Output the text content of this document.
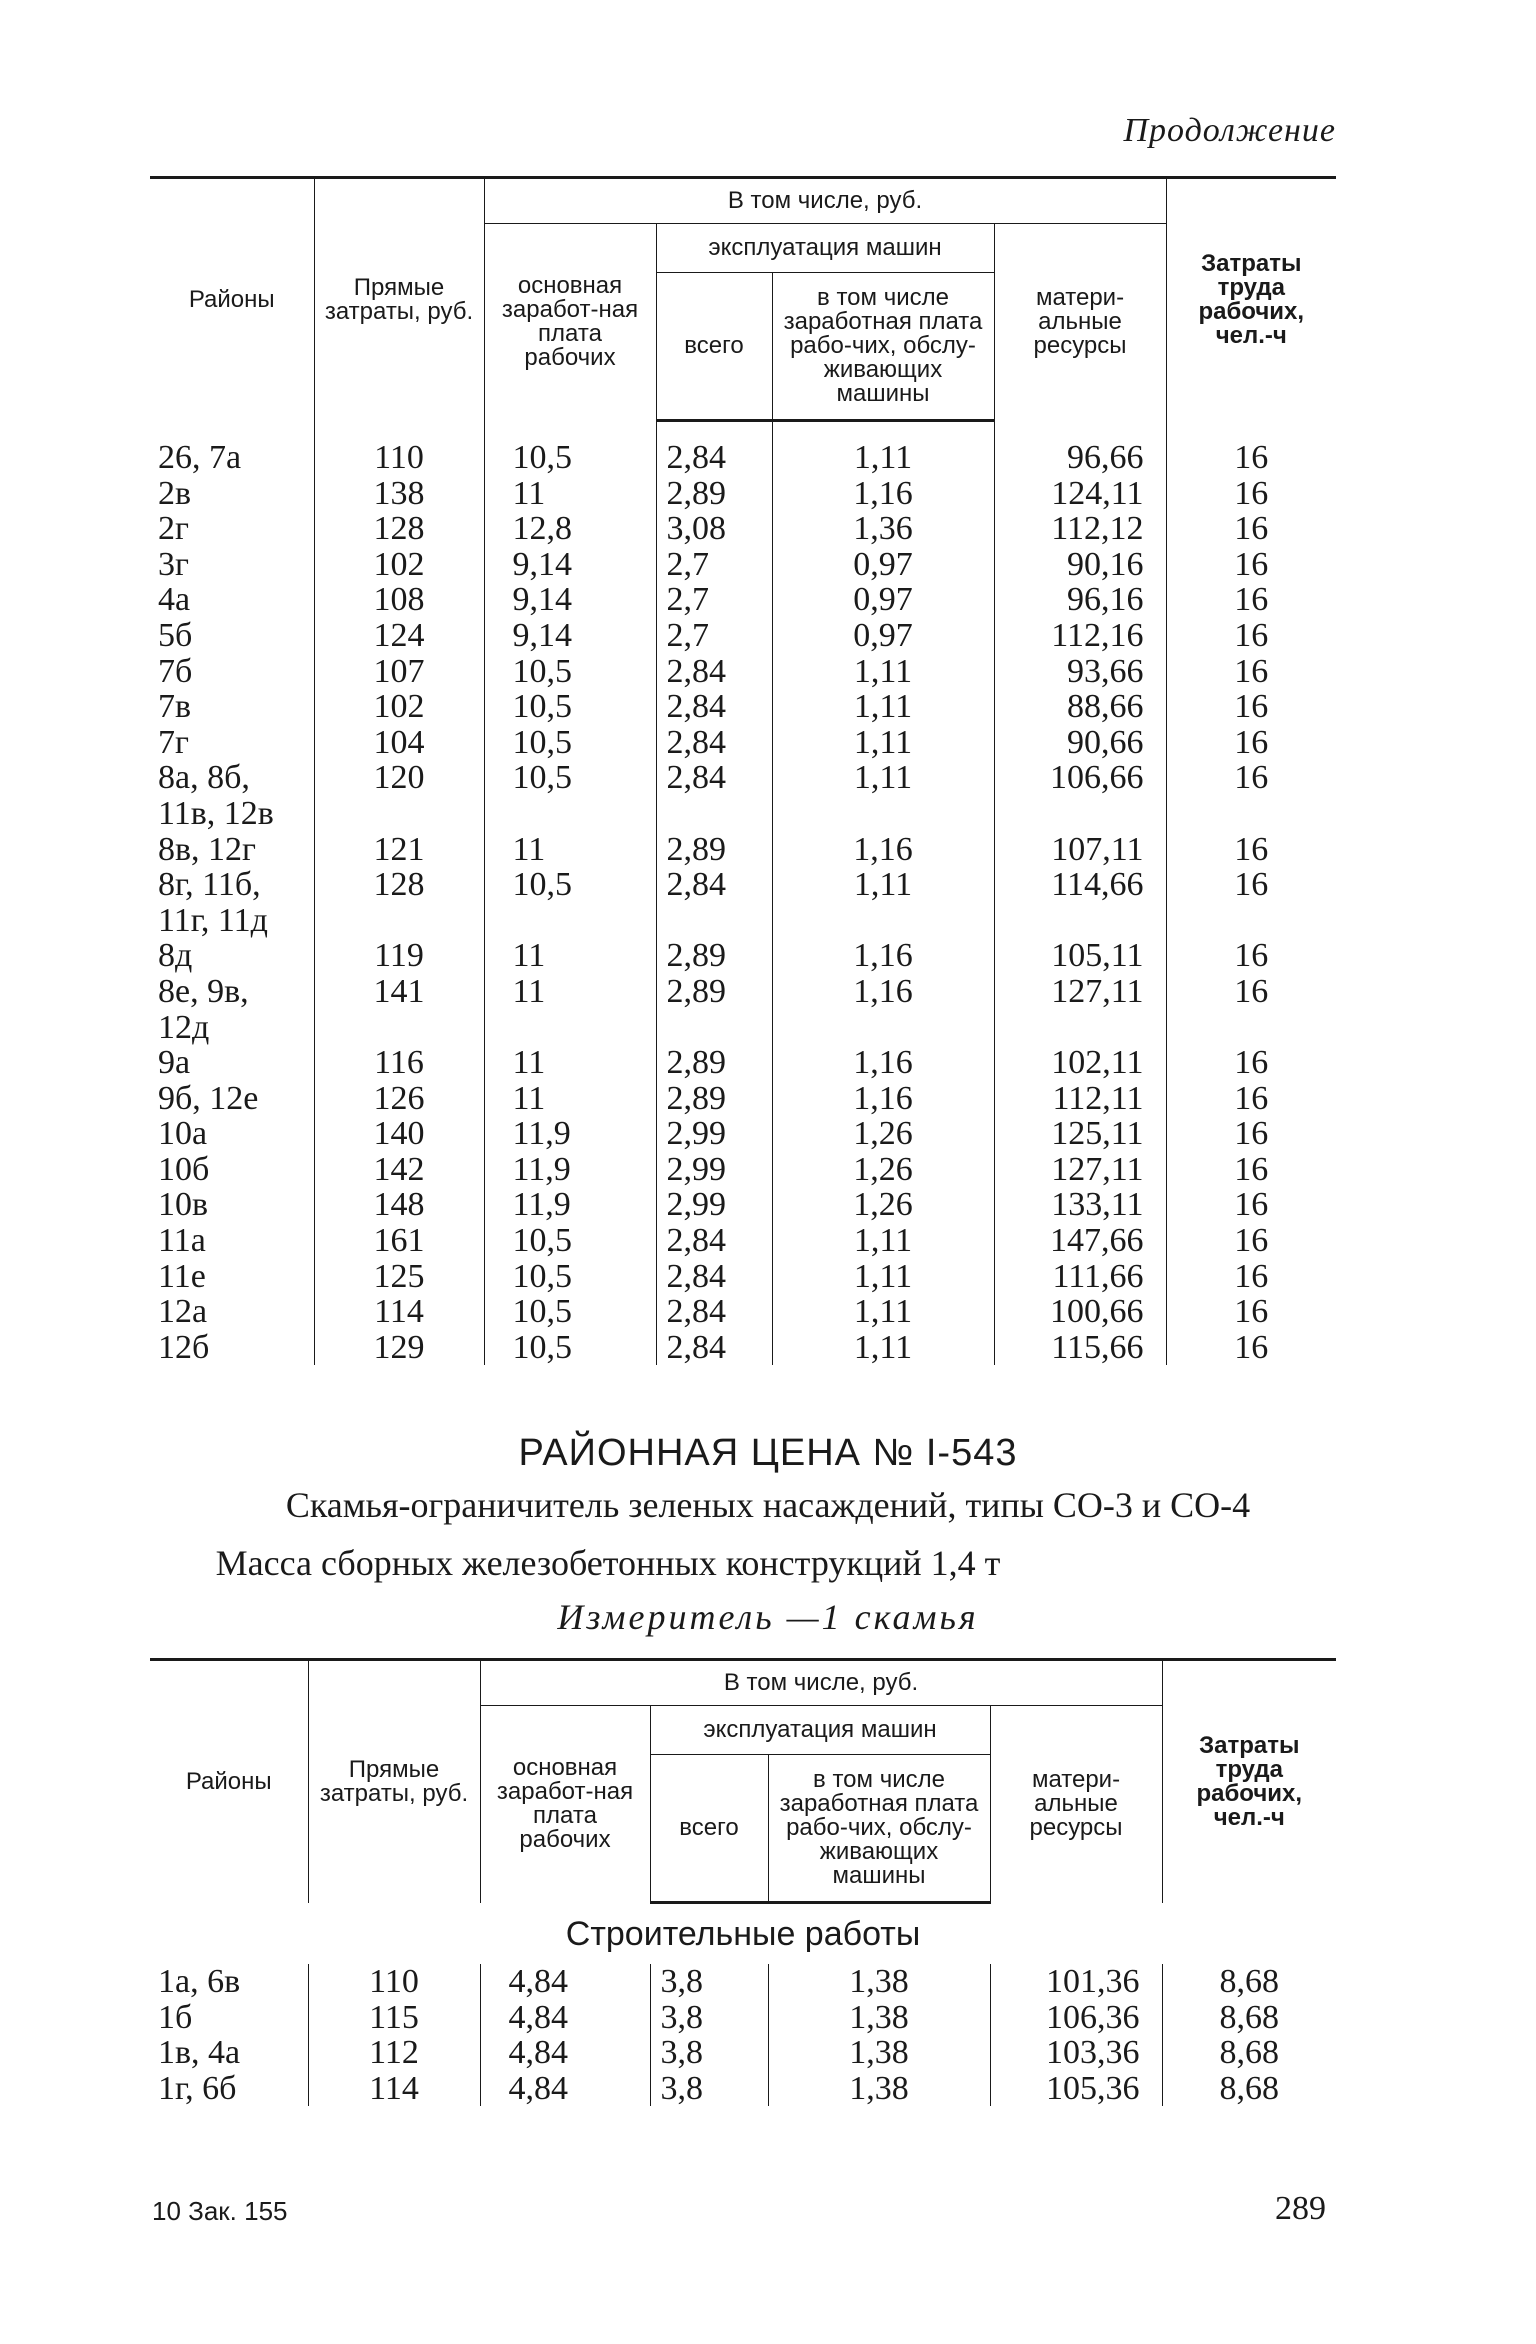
Продолжение
Районы	Прямые затраты, руб.	В том числе, руб.				Затраты труда рабочих, чел.-ч
		основная заработ-ная плата рабочих	эксплуатация машин		матери-альные ресурсы	
			всего	в том числе заработная плата рабо-чих, обслу-живающих машины		

26, 7а	110	10,5	2,84	1,11	96,66	16
2в	138	11	2,89	1,16	124,11	16
2г	128	12,8	3,08	1,36	112,12	16
3г	102	9,14	2,7	0,97	90,16	16
4а	108	9,14	2,7	0,97	96,16	16
5б	124	9,14	2,7	0,97	112,16	16
7б	107	10,5	2,84	1,11	93,66	16
7в	102	10,5	2,84	1,11	88,66	16
7г	104	10,5	2,84	1,11	90,66	16
8а, 8б,	120	10,5	2,84	1,11	106,66	16
11в, 12в						
8в, 12г	121	11	2,89	1,16	107,11	16
8г, 11б,	128	10,5	2,84	1,11	114,66	16
11г, 11д						
8д	119	11	2,89	1,16	105,11	16
8е, 9в,	141	11	2,89	1,16	127,11	16
12д						
9а	116	11	2,89	1,16	102,11	16
9б, 12е	126	11	2,89	1,16	112,11	16
10а	140	11,9	2,99	1,26	125,11	16
10б	142	11,9	2,99	1,26	127,11	16
10в	148	11,9	2,99	1,26	133,11	16
11а	161	10,5	2,84	1,11	147,66	16
11е	125	10,5	2,84	1,11	111,66	16
12а	114	10,5	2,84	1,11	100,66	16
12б	129	10,5	2,84	1,11	115,66	16
РАЙОННАЯ ЦЕНА № I-543
Скамья-ограничитель зеленых насаждений, типы СО-3 и СО-4
Масса сборных железобетонных конструкций 1,4 т
Измеритель —1 скамья
Районы	Прямые затраты, руб.	В том числе, руб.				Затраты труда рабочих, чел.-ч
		основная заработ-ная плата рабочих	эксплуатация машин		матери-альные ресурсы	
			всего	в том числе заработная плата рабо-чих, обслу-живающих машины		
Строительные работы						
1а, 6в	110	4,84	3,8	1,38	101,36	8,68
1б	115	4,84	3,8	1,38	106,36	8,68
1в, 4а	112	4,84	3,8	1,38	103,36	8,68
1г, 6б	114	4,84	3,8	1,38	105,36	8,68
10 Зак. 155	289
